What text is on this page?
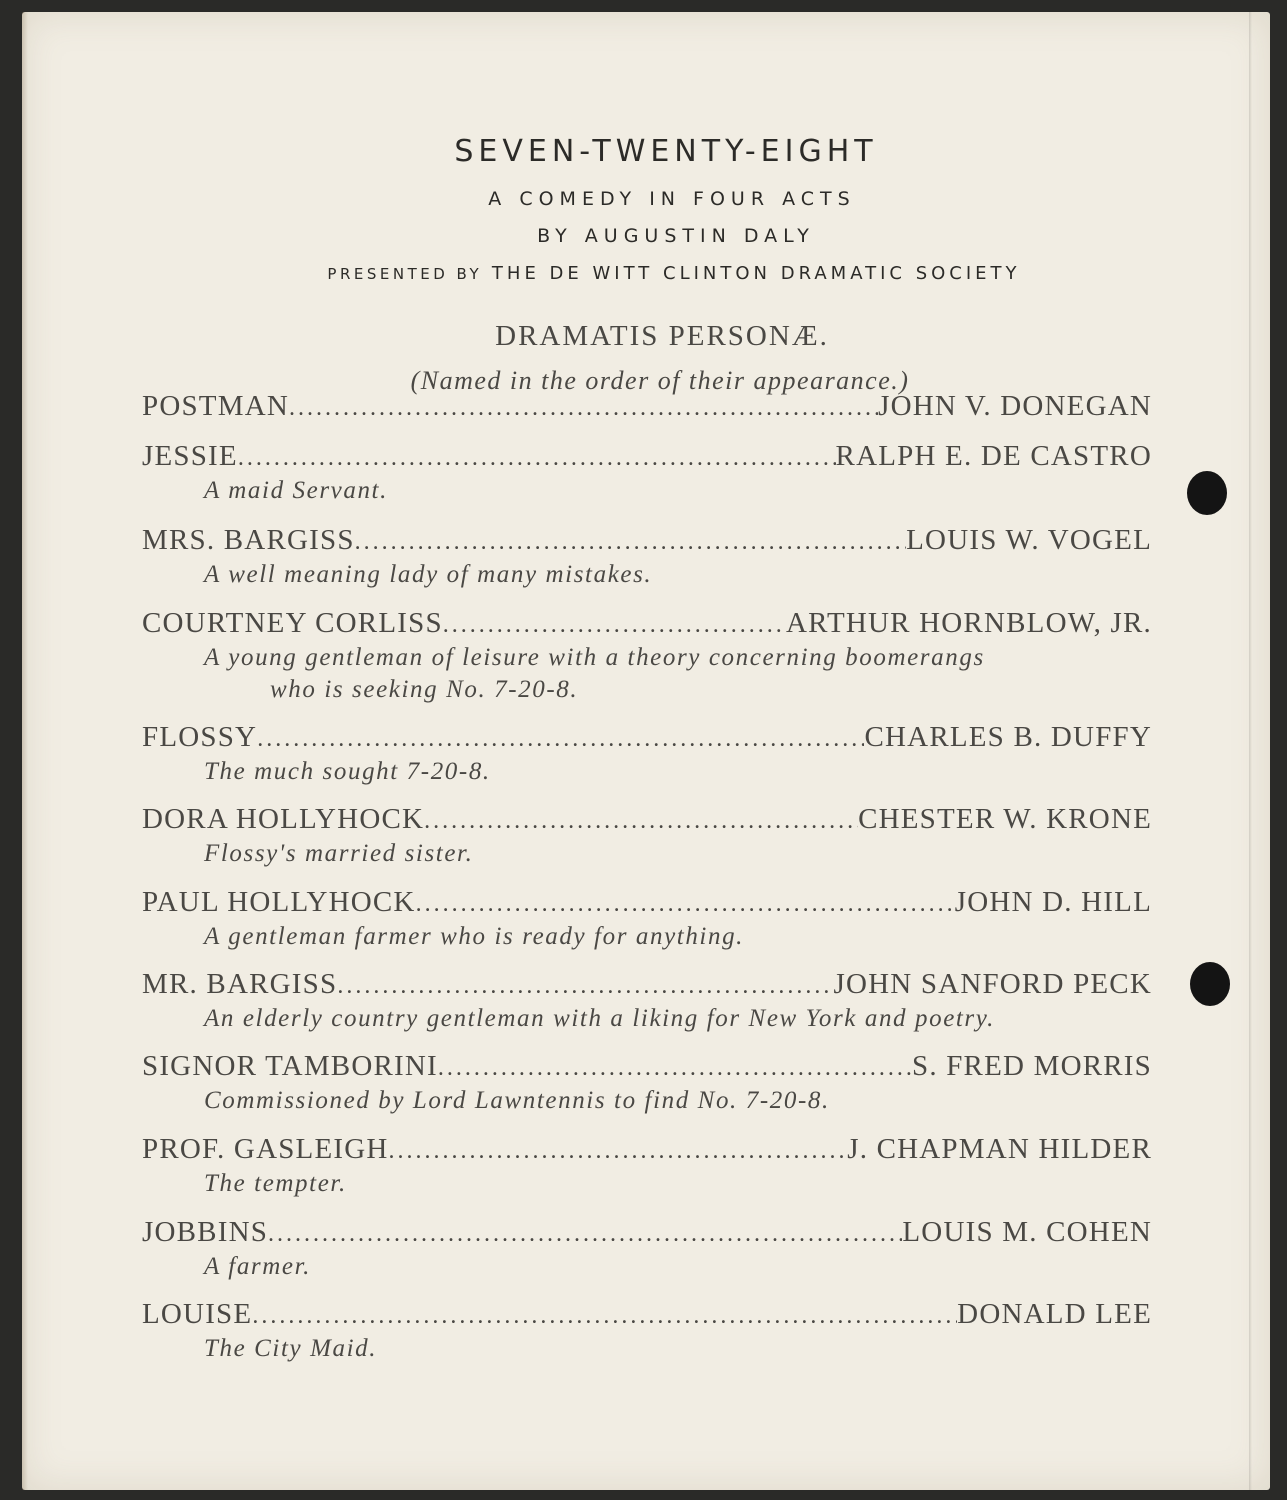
SEVEN-TWENTY-EIGHT
A COMEDY IN FOUR ACTS
BY AUGUSTIN DALY
PRESENTED BY THE DE WITT CLINTON DRAMATIC SOCIETY
DRAMATIS PERSONÆ.
(Named in the order of their appearance.)
POSTMAN .....	JOHN V. DONEGAN
JESSIE .....	RALPH E. DE CASTRO
A maid Servant.
MRS. BARGISS .....	LOUIS W. VOGEL
A well meaning lady of many mistakes.
COURTNEY CORLISS .....	ARTHUR HORNBLOW, JR.
A young gentleman of leisure with a theory concerning boomerangs
who is seeking No. 7-20-8.
FLOSSY .....	CHARLES B. DUFFY
The much sought 7-20-8.
DORA HOLLYHOCK .....	CHESTER W. KRONE
Flossy's married sister.
PAUL HOLLYHOCK .....	JOHN D. HILL
A gentleman farmer who is ready for anything.
MR. BARGISS .....	JOHN SANFORD PECK
An elderly country gentleman with a liking for New York and poetry.
SIGNOR TAMBORINI .....	S. FRED MORRIS
Commissioned by Lord Lawntennis to find No. 7-20-8.
PROF. GASLEIGH .....	J. CHAPMAN HILDER
The tempter.
JOBBINS .....	LOUIS M. COHEN
A farmer.
LOUISE .....	DONALD LEE
The City Maid.
